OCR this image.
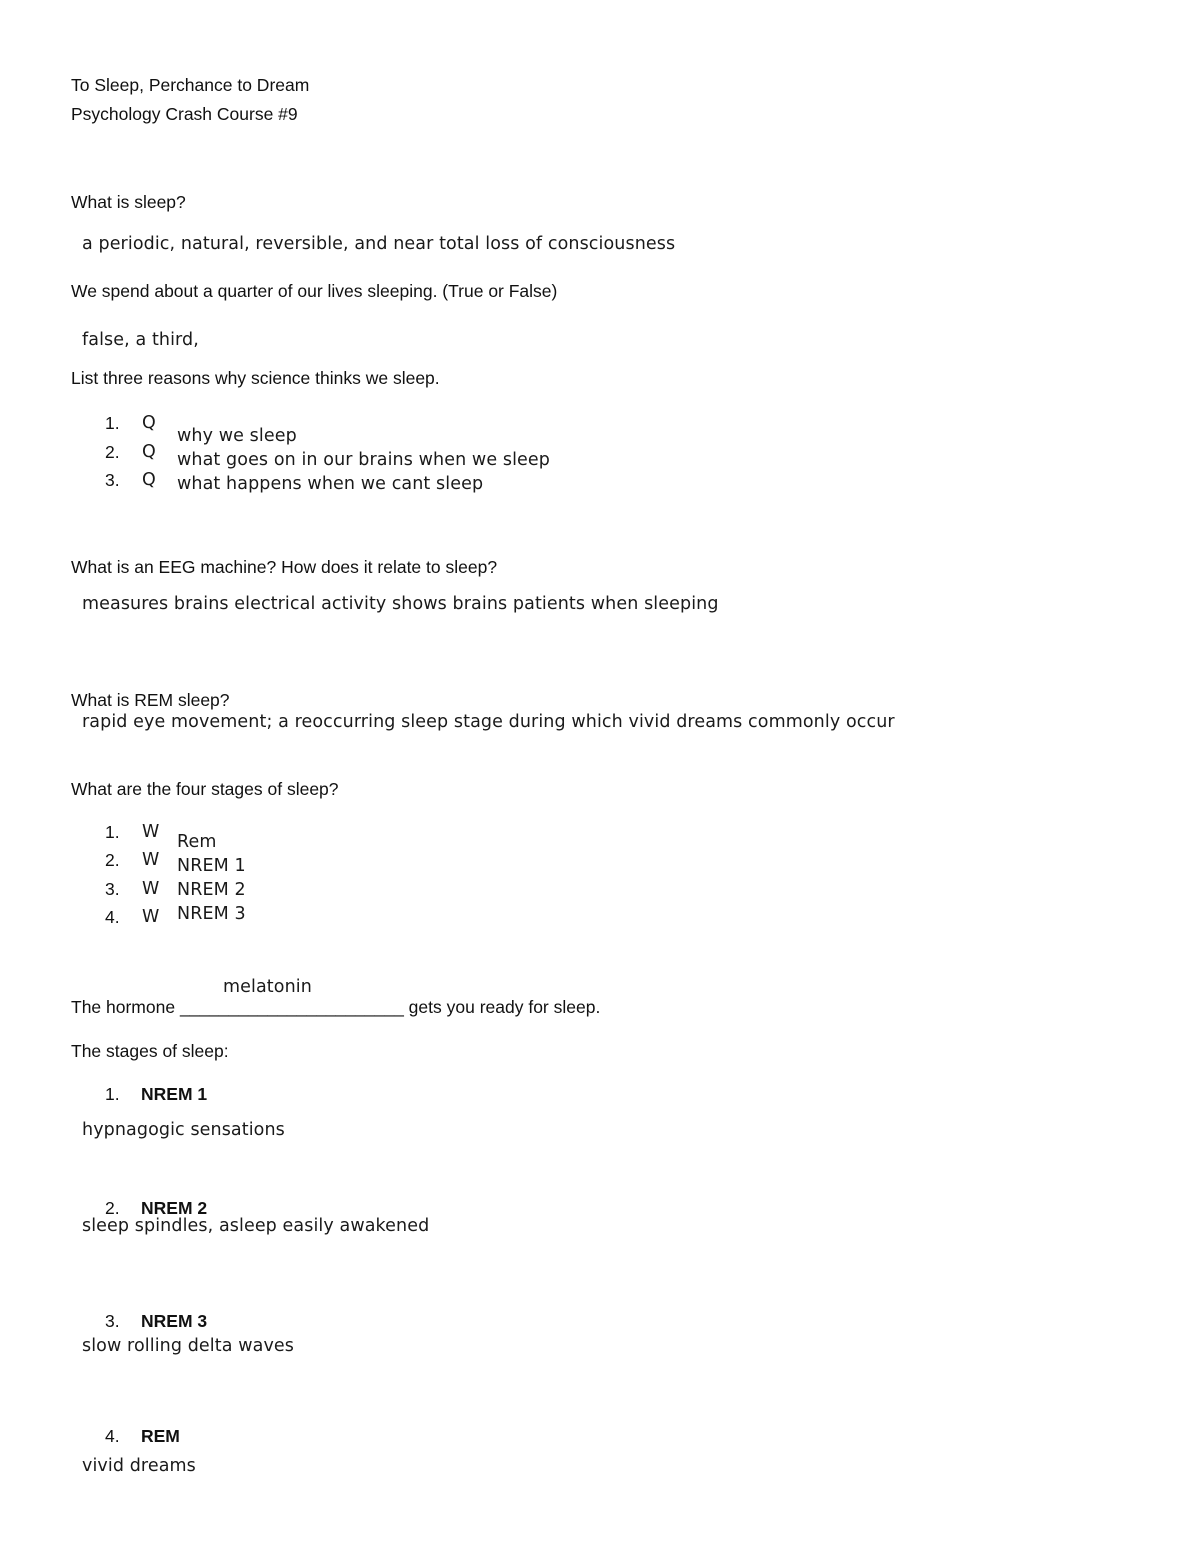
To Sleep, Perchance to Dream
Psychology Crash Course #9
What is sleep?
a periodic, natural, reversible, and near total loss of consciousness
We spend about a quarter of our lives sleeping. (True or False)
false, a third,
List three reasons why science thinks we sleep.
1. Q
2. Q
3. Q
why we sleep
what goes on in our brains when we sleep
what happens when we cant sleep
What is an EEG machine? How does it relate to sleep?
measures brains electrical activity shows brains patients when sleeping
What is REM sleep?
rapid eye movement; a reoccurring sleep stage during which vivid dreams commonly occur
What are the four stages of sleep?
1. W
2. W
3. W
4. W
Rem
NREM 1
NREM 2
NREM 3
melatonin
The hormone _______________________ gets you ready for sleep.
The stages of sleep:
1. NREM 1
hypnagogic sensations
2. NREM 2
sleep spindles, asleep easily awakened
3. NREM 3
slow rolling delta waves
4. REM
vivid dreams
